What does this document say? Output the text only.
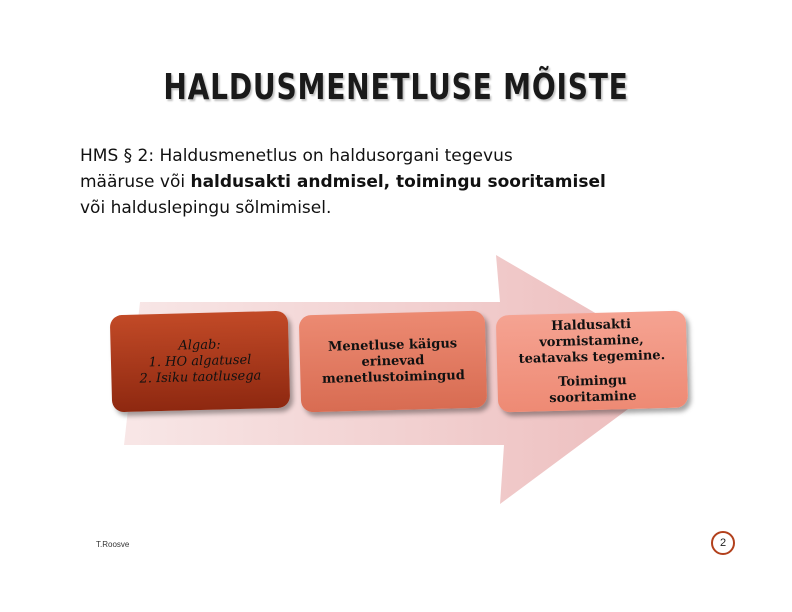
HALDUSMENETLUSE MÕISTE
HMS § 2: Haldusmenetlus on haldusorgani tegevus
määruse või haldusakti andmisel, toimingu sooritamisel
või halduslepingu sõlmimisel.
Algab:
1. HO algatusel
2. Isiku taotlusega
Menetluse käigus
erinevad
menetlustoimingud
Haldusakti
vormistamine,
teatavaks tegemine.
Toimingu
sooritamine
T.Roosve	2
